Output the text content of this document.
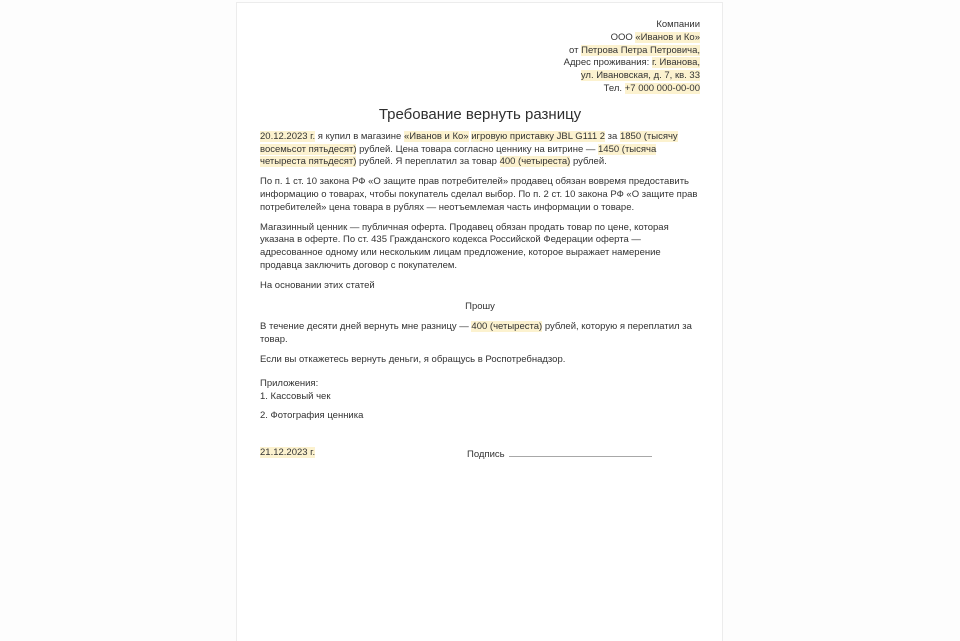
Компании
ООО «Иванов и Ко»
от Петрова Петра Петровича,
Адрес проживания: г. Иванова,
ул. Ивановская, д. 7, кв. 33
Тел. +7 000 000-00-00
Требование вернуть разницу

20.12.2023 г. я купил в магазине «Иванов и Ко» игровую приставку JBL G111 2 за 1850 (тысячу восемьсот пятьдесят) рублей. Цена товара согласно ценнику на витрине — 1450 (тысяча четыреста пятьдесят) рублей. Я переплатил за товар 400 (четыреста) рублей.

По п. 1 ст. 10 закона РФ «О защите прав потребителей» продавец обязан вовремя предоставить информацию о товарах, чтобы покупатель сделал выбор. По п. 2 ст. 10 закона РФ «О защите прав потребителей» цена товара в рублях — неотъемлемая часть информации о товаре.

Магазинный ценник — публичная оферта. Продавец обязан продать товар по цене, которая указана в оферте. По ст. 435 Гражданского кодекса Российской Федерации оферта — адресованное одному или нескольким лицам предложение, которое выражает намерение продавца заключить договор с покупателем.

На основании этих статей

Прошу

В течение десяти дней вернуть мне разницу — 400 (четыреста) рублей, которую я переплатил за товар.

Если вы откажетесь вернуть деньги, я обращусь в Роспотребнадзор.

Приложения:
1. Кассовый чек
2. Фотография ценника
21.12.2023 г.	Подпись
